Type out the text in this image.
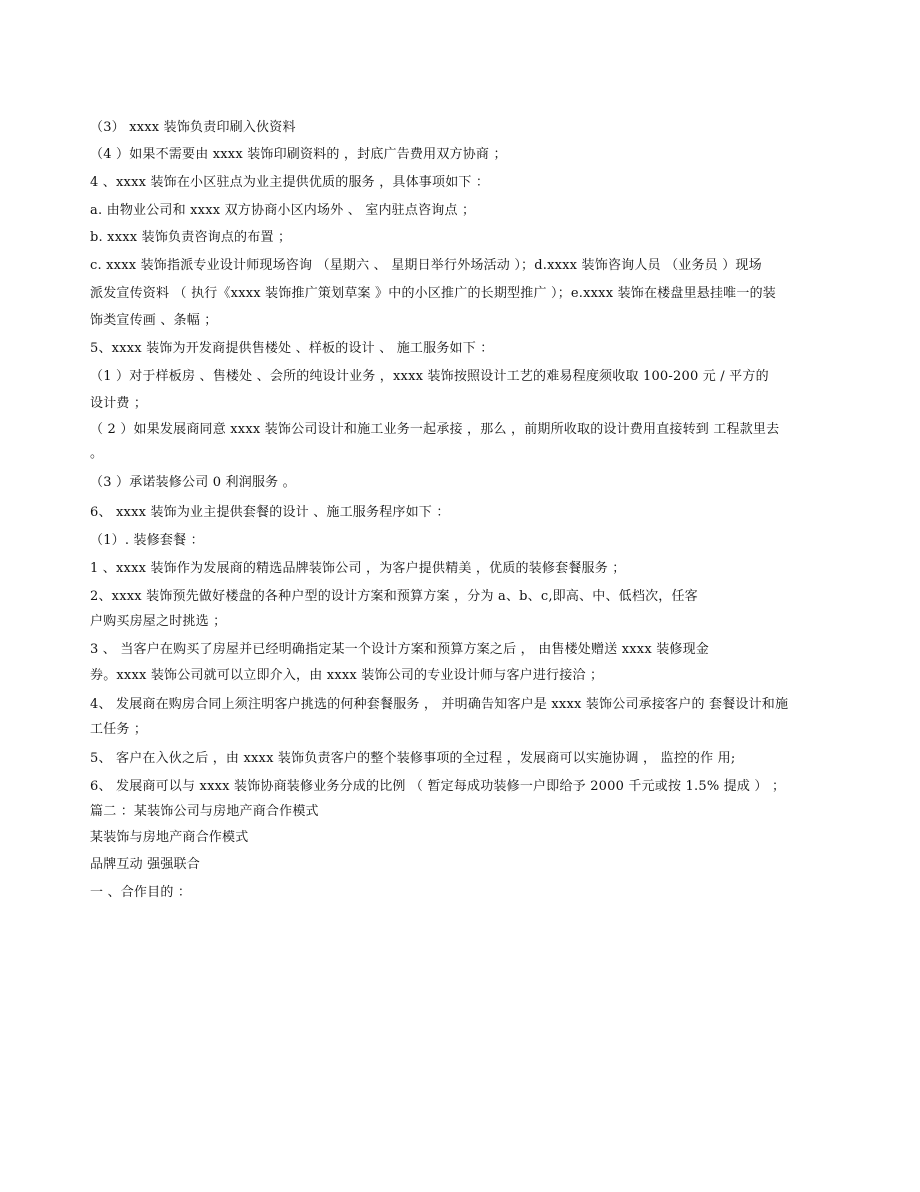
（3） xxxx 装饰负责印刷入伙资料
（4 ）如果不需要由 xxxx 装饰印刷资料的 ，封底广告费用双方协商 ；
4 、xxxx 装饰在小区驻点为业主提供优质的服务 ，具体事项如下 ：
a. 由物业公司和 xxxx 双方协商小区内场外 、 室内驻点咨询点 ；
b. xxxx 装饰负责咨询点的布置 ；
c. xxxx 装饰指派专业设计师现场咨询 （星期六 、 星期日举行外场活动 ）；d.xxxx 装饰咨询人员 （业务员 ）现场
派发宣传资料 （ 执行《xxxx 装饰推广策划草案 》中的小区推广的长期型推广 ）；e.xxxx 装饰在楼盘里悬挂唯一的装
饰类宣传画 、条幅 ；
5、xxxx 装饰为开发商提供售楼处 、样板的设计 、 施工服务如下 ：
（1 ）对于样板房 、售楼处 、会所的纯设计业务 ，xxxx 装饰按照设计工艺的难易程度须收取 100-200 元 / 平方的
设计费 ；
（ 2 ）如果发展商同意 xxxx 装饰公司设计和施工业务一起承接 ，那么 ，前期所收取的设计费用直接转到 工程款里去
。
（3 ）承诺装修公司 0 利润服务 。
6、 xxxx 装饰为业主提供套餐的设计 、施工服务程序如下 ：
（1）. 装修套餐 ：
1 、xxxx 装饰作为发展商的精选品牌装饰公司 ，为客户提供精美 ，优质的装修套餐服务 ；
2、xxxx 装饰预先做好楼盘的各种户型的设计方案和预算方案 ，分为 a、b、c,即高、中、低档次，任客
户购买房屋之时挑选 ；
3 、 当客户在购买了房屋并已经明确指定某一个设计方案和预算方案之后 ， 由售楼处赠送 xxxx 装修现金
券。xxxx 装饰公司就可以立即介入，由 xxxx 装饰公司的专业设计师与客户进行接洽 ；
4、 发展商在购房合同上须注明客户挑选的何种套餐服务 ， 并明确告知客户是 xxxx 装饰公司承接客户的 套餐设计和施
工任务 ；
5、 客户在入伙之后 ，由 xxxx 装饰负责客户的整个装修事项的全过程 ，发展商可以实施协调 ， 监控的作 用;
6、 发展商可以与 xxxx 装饰协商装修业务分成的比例 （ 暂定每成功装修一户即给予 2000 千元或按 1.5% 提成 ） ；
篇二 ：某装饰公司与房地产商合作模式
某装饰与房地产商合作模式
品牌互动 强强联合
一 、合作目的 ：
